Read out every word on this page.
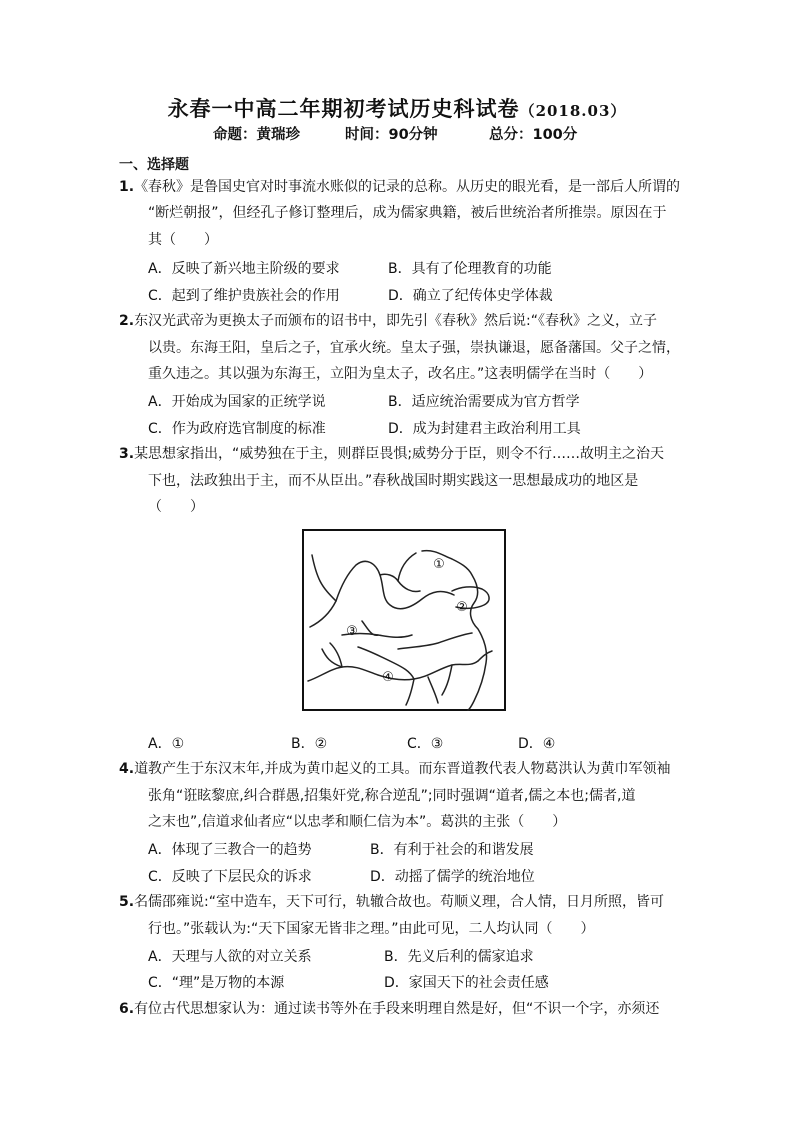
永春一中高二年期初考试历史科试卷（2018.03）
命题：黄瑞珍	时间：90分钟	总分：100分
一、选择题
1.《春秋》是鲁国史官对时事流水账似的记录的总称。从历史的眼光看，是一部后人所谓的
“断烂朝报”，但经孔子修订整理后，成为儒家典籍，被后世统治者所推崇。原因在于
其（　　）
A．反映了新兴地主阶级的要求	B．具有了伦理教育的功能
C．起到了维护贵族社会的作用	D．确立了纪传体史学体裁
2.东汉光武帝为更换太子而颁布的诏书中，即先引《春秋》然后说:“《春秋》之义，立子
以贵。东海王阳，皇后之子，宜承火统。皇太子强，崇执谦退，愿备藩国。父子之情，
重久违之。其以强为东海王，立阳为皇太子，改名庄。”这表明儒学在当时（　　）
A．开始成为国家的正统学说	B．适应统治需要成为官方哲学
C．作为政府选官制度的标准	D．成为封建君主政治利用工具
3.某思想家指出，“威势独在于主，则群臣畏惧;威势分于臣，则令不行……故明主之治天
下也，法政独出于主，而不从臣出。”春秋战国时期实践这一思想最成功的地区是
（　　）
①
②
③
④
A．①	B．②	C．③	D．④
4.道教产生于东汉末年,并成为黄巾起义的工具。而东晋道教代表人物葛洪认为黄巾军领袖
张角“诳眩黎庶,纠合群愚,招集奸党,称合逆乱”;同时强调“道者,儒之本也;儒者,道
之末也”,信道求仙者应“以忠孝和顺仁信为本”。葛洪的主张（　　）
A．体现了三教合一的趋势	B．有利于社会的和谐发展
C．反映了下层民众的诉求	D．动摇了儒学的统治地位
5.名儒邵雍说:“室中造车，天下可行，轨辙合故也。苟顺义理，合人情，日月所照，皆可
行也。”张载认为:“天下国家无皆非之理。”由此可见，二人均认同（　　）
A．天理与人欲的对立关系	B．先义后利的儒家追求
C．“理”是万物的本源	D．家国天下的社会责任感
6.有位古代思想家认为：通过读书等外在手段来明理自然是好，但“不识一个字，亦须还
